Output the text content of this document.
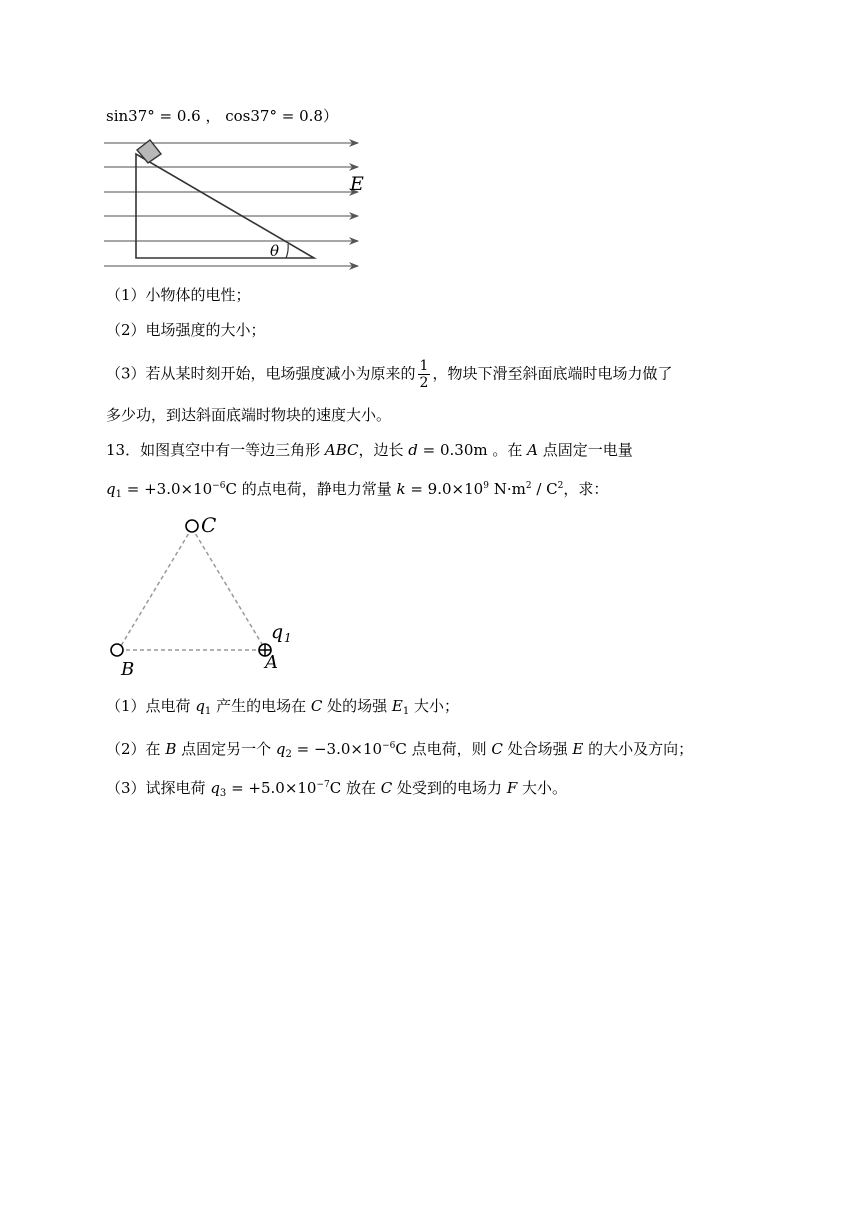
sin37° = 0.6 ， cos37° = 0.8）
E
θ
（1）小物体的电性；
（2）电场强度的大小；
（3）若从某时刻开始，电场强度减小为原来的 $\frac{1}{2}$ ，物块下滑至斜面底端时电场力做了
多少功，到达斜面底端时物块的速度大小。
13．如图真空中有一等边三角形 ABC，边长 d = 0.30m 。在 A 点固定一电量
$q_1 = +3.0\times 10^{-6}C$ 的点电荷，静电力常量 $k = 9.0\times 10^9$ $N\cdot m^2 / C^2$，求：
C
B	A
q 1
（1）点电荷 $q_1$ 产生的电场在 C 处的场强 $E_1$ 大小；
（2）在 B 点固定另一个 $q_2 = -3.0\times 10^{-6}C$ 点电荷，则 C 处合场强 E 的大小及方向；
（3）试探电荷 $q_3 = +5.0\times 10^{-7}C$ 放在 C 处受到的电场力 F 大小。
